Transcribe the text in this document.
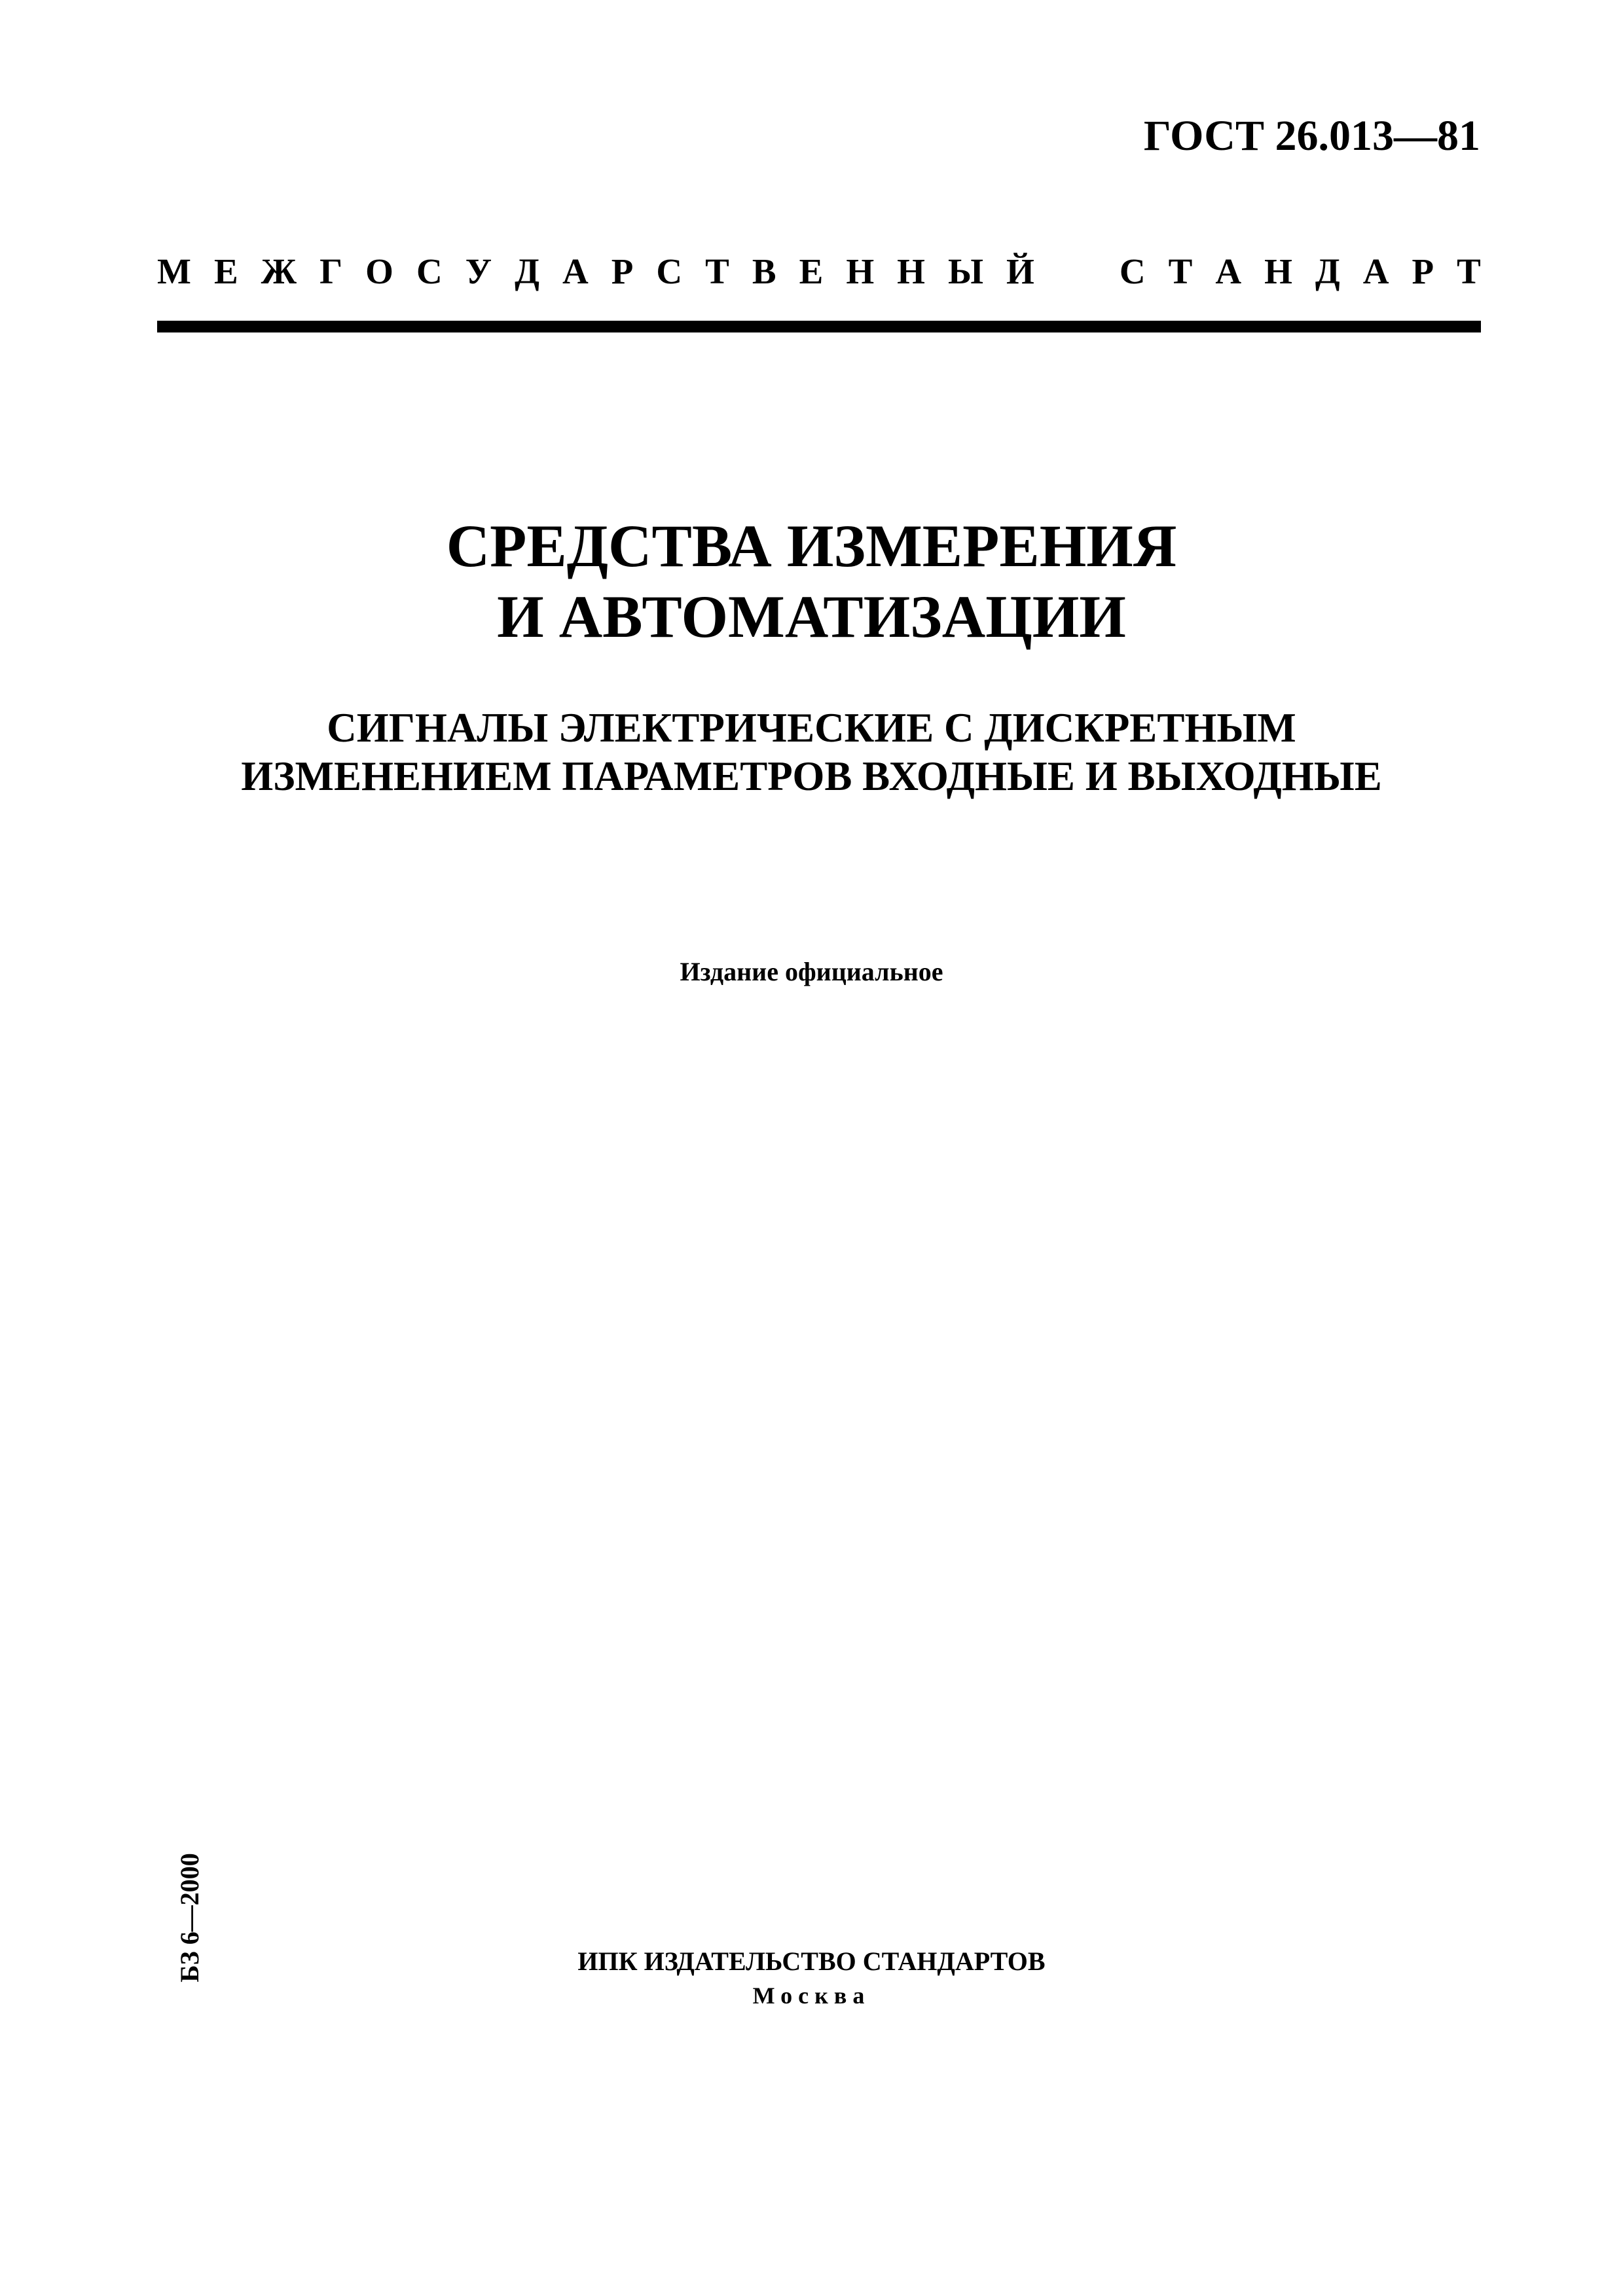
ГОСТ 26.013—81
М Е Ж Г О С У Д А Р С Т В Е Н Н Ы Й С Т А Н Д А Р Т
СРЕДСТВА ИЗМЕРЕНИЯ
И АВТОМАТИЗАЦИИ
СИГНАЛЫ ЭЛЕКТРИЧЕСКИЕ С ДИСКРЕТНЫМ
ИЗМЕНЕНИЕМ ПАРАМЕТРОВ ВХОДНЫЕ И ВЫХОДНЫЕ
Издание официальное
БЗ 6—2000	ИПК ИЗДАТЕЛЬСТВО СТАНДАРТОВ
Москва
